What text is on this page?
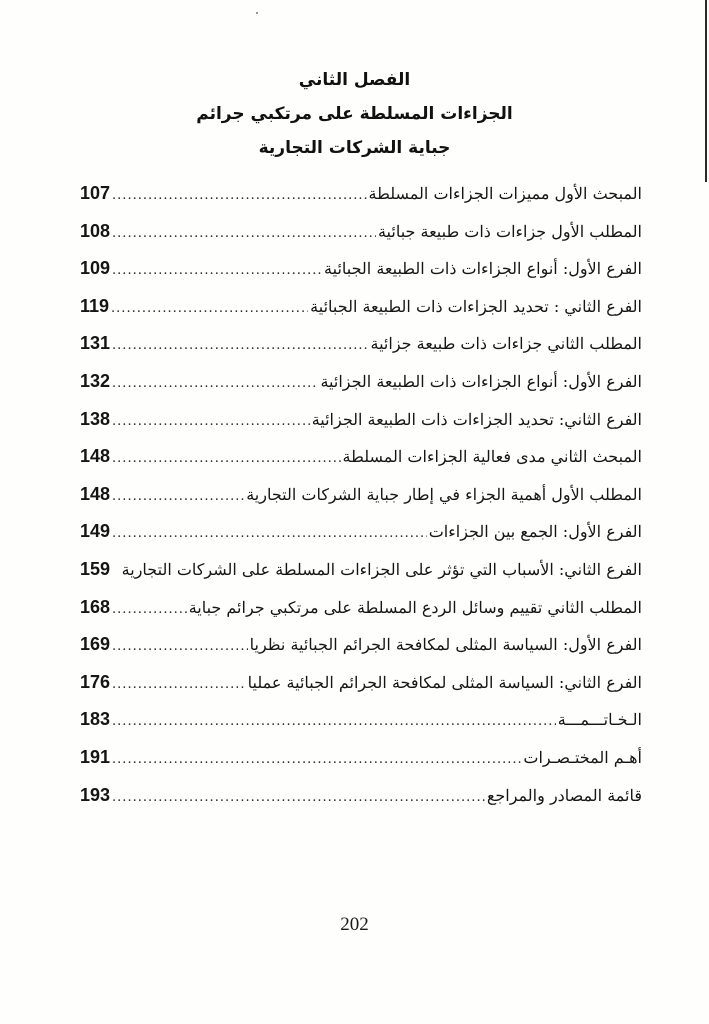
الفصل الثاني

الجزاءات المسلطة على مرتكبي جرائم

جباية الشركات التجارية

107 .....	المبحث الأول مميزات الجزاءات المسلطة
108 .....	المطلب الأول جزاءات ذات طبيعة جبائية
109 .....	الفرع الأول: أنواع الجزاءات ذات الطبيعة الجبائية
119 .....	الفرع الثاني : تحديد الجزاءات ذات الطبيعة الجبائية
131 .....	المطلب الثاني جزاءات ذات طبيعة جزائية
132 .....	الفرع الأول: أنواع الجزاءات ذات الطبيعة الجزائية
138 .....	الفرع الثاني: تحديد الجزاءات ذات الطبيعة الجزائية
148 .....	المبحث الثاني مدى فعالية الجزاءات المسلطة
148 .....	المطلب الأول أهمية الجزاء في إطار جباية الشركات التجارية
149 .....	الفرع الأول: الجمع بين الجزاءات
159 الفرع الثاني: الأسباب التي تؤثر على الجزاءات المسلطة على الشركات التجارية
168 .....	المطلب الثاني تقييم وسائل الردع المسلطة على مرتكبي جرائم جباية
169 .....	الفرع الأول: السياسة المثلى لمكافحة الجرائم الجبائية نظريا
176 .....	الفرع الثاني: السياسة المثلى لمكافحة الجرائم الجبائية عمليا
183 .....	الـخـاتـــمـــة
191 .....	أهـم المختـصـرات
193 .....	قائمة المصادر والمراجع
202
